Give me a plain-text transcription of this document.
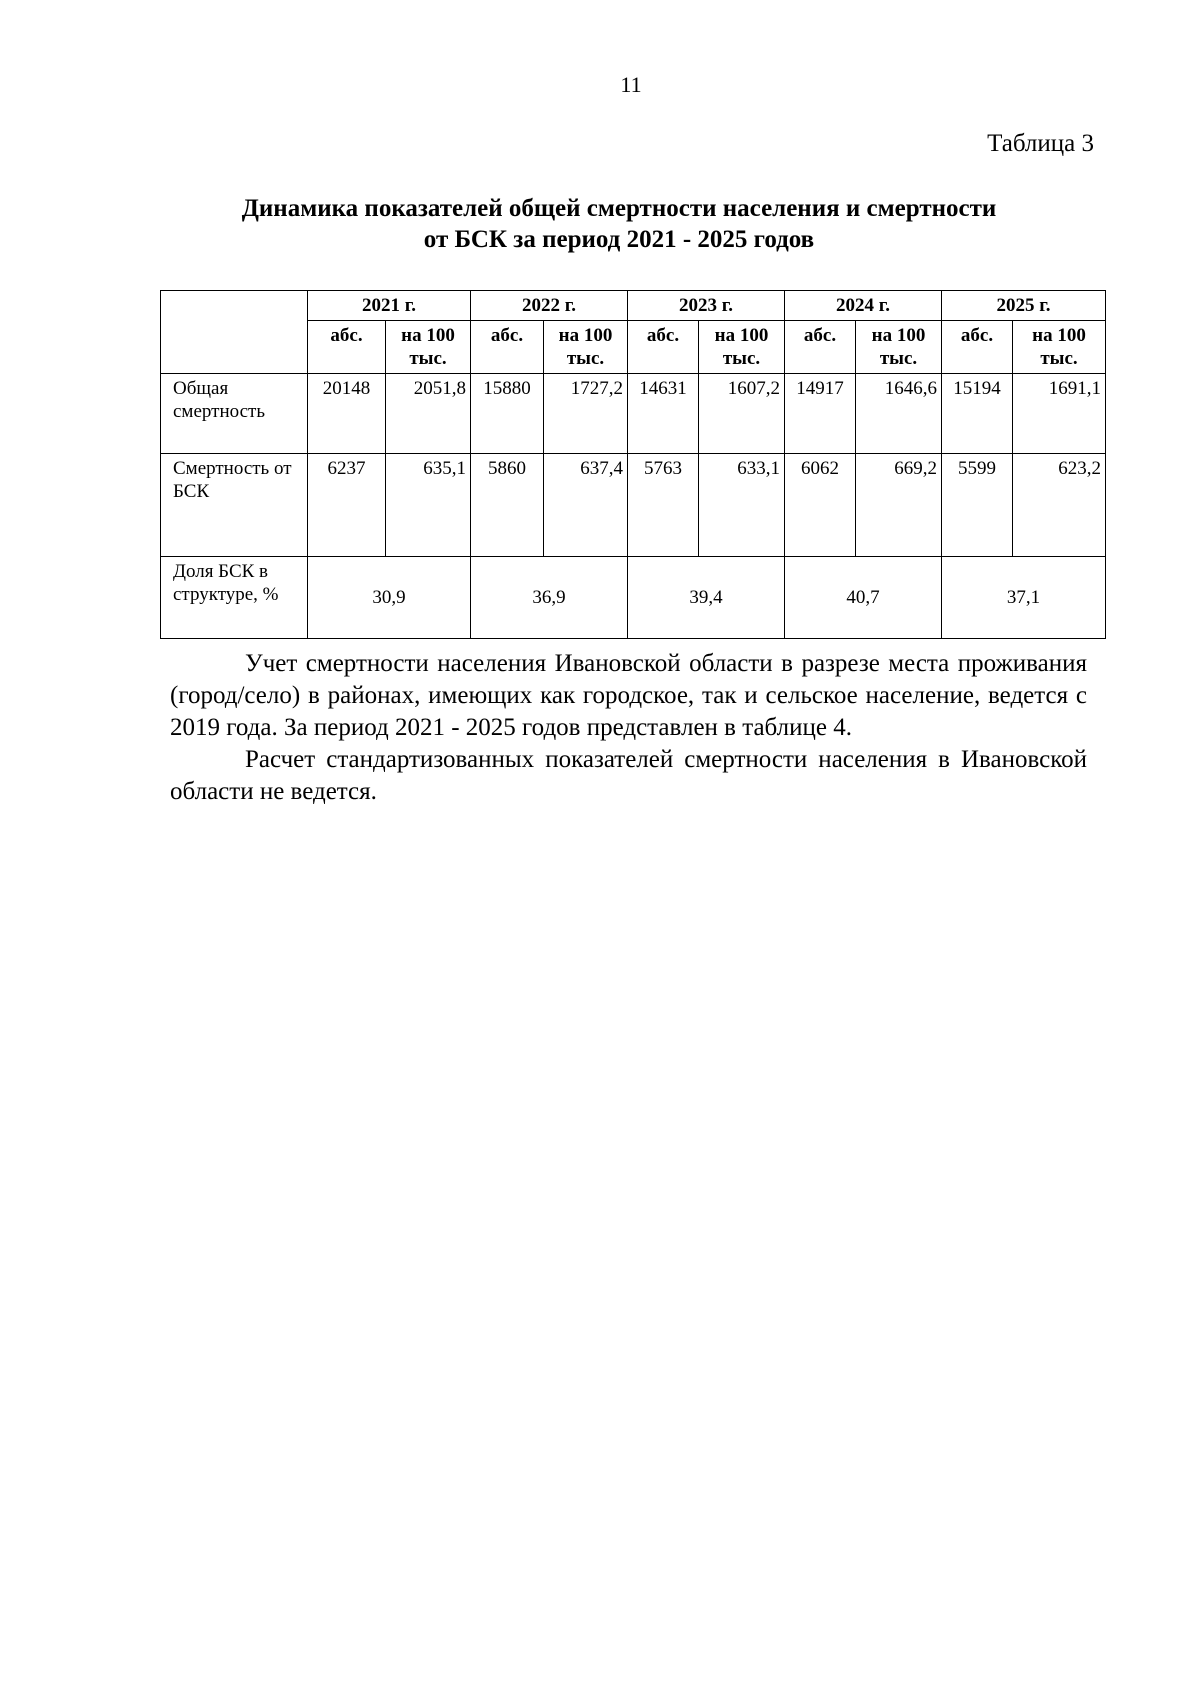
11
Таблица 3
Динамика показателей общей смертности населения и смертности
от БСК за период 2021 - 2025 годов
	2021 г.		2022 г.		2023 г.		2024 г.		2025 г.	
	абс.	на 100 тыс.	абс.	на 100 тыс.	абс.	на 100 тыс.	абс.	на 100 тыс.	абс.	на 100 тыс.
Общая смертность	20148	2051,8	15880	1727,2	14631	1607,2	14917	1646,6	15194	1691,1
Смертность от БСК	6237	635,1	5860	637,4	5763	633,1	6062	669,2	5599	623,2
Доля БСК в структуре, %	30,9		36,9		39,4		40,7		37,1	

Учет смертности населения Ивановской области в разрезе места проживания (город/село) в районах, имеющих как городское, так и сельское население, ведется с 2019 года. За период 2021 - 2025 годов представлен в таблице 4.

Расчет стандартизованных показателей смертности населения в Ивановской области не ведется.
